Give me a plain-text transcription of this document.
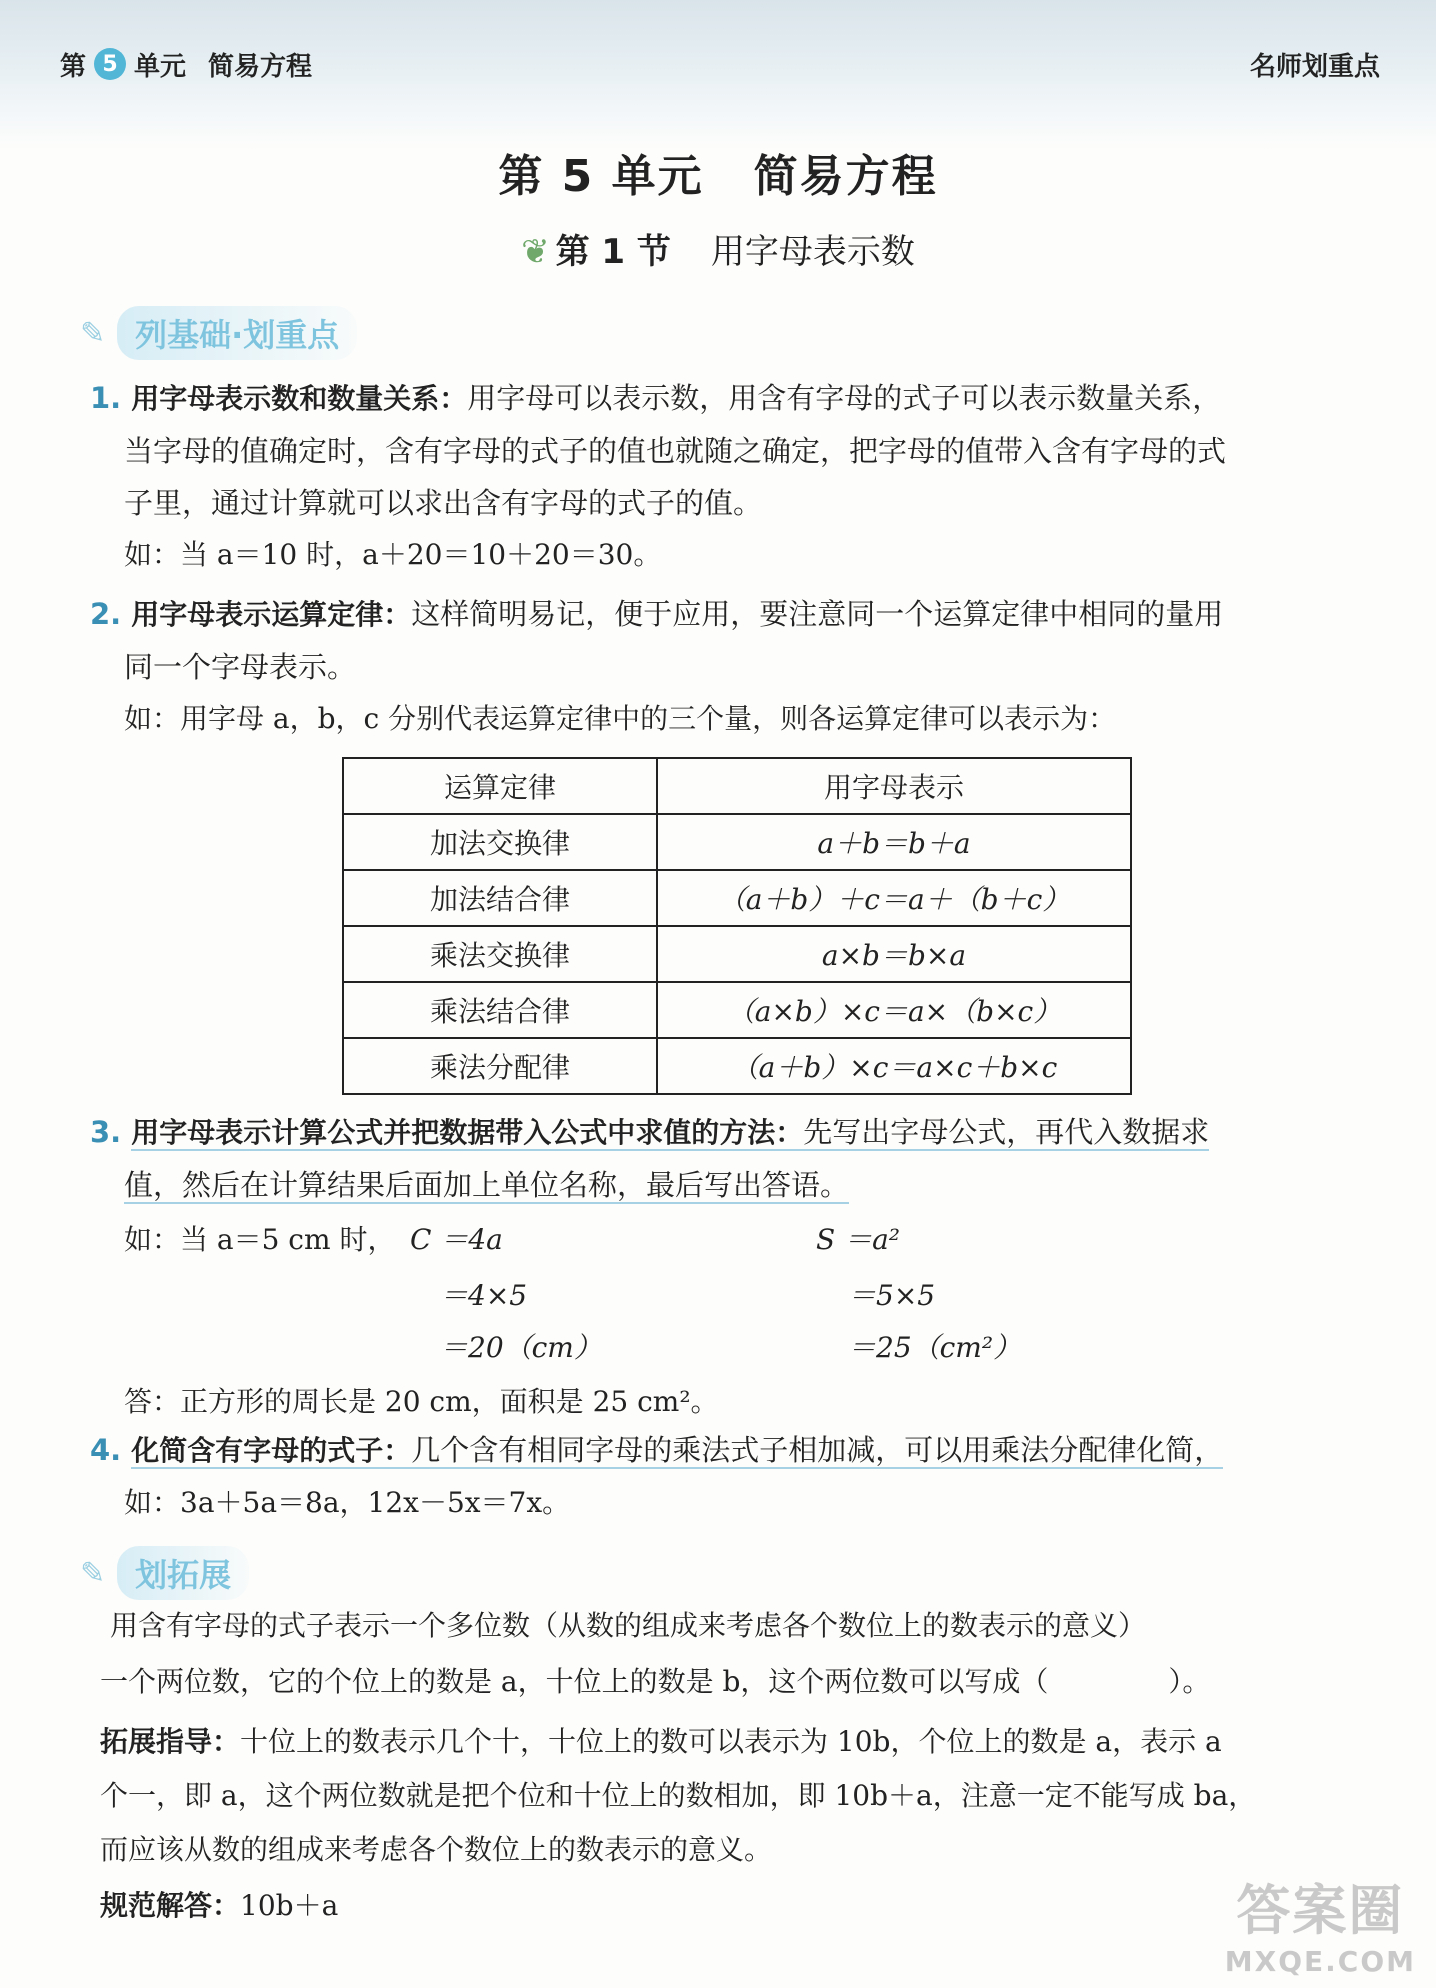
第 5 单元 简易方程	名师划重点
第 5 单元 简易方程
❦ 第 1 节 用字母表示数
✎ 列基础·划重点
1. 用字母表示数和数量关系：用字母可以表示数，用含有字母的式子可以表示数量关系，
当字母的值确定时，含有字母的式子的值也就随之确定，把字母的值带入含有字母的式
子里，通过计算就可以求出含有字母的式子的值。
如：当 a＝10 时，a＋20＝10＋20＝30。
2. 用字母表示运算定律：这样简明易记，便于应用，要注意同一个运算定律中相同的量用
同一个字母表示。
如：用字母 a，b，c 分别代表运算定律中的三个量，则各运算定律可以表示为：
运算定律	用字母表示
加法交换律	a＋b＝b＋a
加法结合律	（a＋b）＋c＝a＋（b＋c）
乘法交换律	a×b＝b×a
乘法结合律	（a×b）×c＝a×（b×c）
乘法分配律	（a＋b）×c＝a×c＋b×c
3. 用字母表示计算公式并把数据带入公式中求值的方法：先写出字母公式，再代入数据求
值，然后在计算结果后面加上单位名称，最后写出答语。
如：当 a＝5 cm 时， C ＝4a
＝4×5
＝20（cm）
S ＝a²
＝5×5
＝25（cm²）
答：正方形的周长是 20 cm，面积是 25 cm²。
4. 化简含有字母的式子：几个含有相同字母的乘法式子相加减，可以用乘法分配律化简，
如：3a＋5a＝8a，12x－5x＝7x。
✎ 划拓展
用含有字母的式子表示一个多位数（从数的组成来考虑各个数位上的数表示的意义）
一个两位数，它的个位上的数是 a，十位上的数是 b，这个两位数可以写成（	）。
拓展指导：十位上的数表示几个十，十位上的数可以表示为 10b，个位上的数是 a，表示 a
个一，即 a，这个两位数就是把个位和十位上的数相加，即 10b＋a，注意一定不能写成 ba，
而应该从数的组成来考虑各个数位上的数表示的意义。
规范解答：10b＋a	答案圈
MXQE.COM
